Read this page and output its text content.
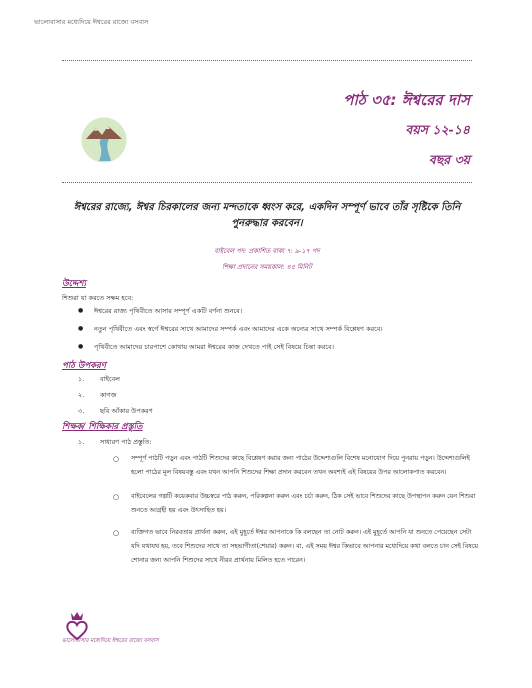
ভালোবাসার মধ্যেদিয়ে ঈশ্বরের রাজ্যে বসবাস
পাঠ ৩৫: ঈশ্বরের দাস
বয়স ১২-১৪
বছর ৩য়
ঈশ্বরের রাজ্যে, ঈশ্বর চিরকালের জন্য মন্দতাকে ধ্বংস করে, একদিন সম্পূর্ণ ভাবে তাঁর সৃষ্টিকে তিনি পুনরুদ্ধার করবেন।
বাইবেল পদ: প্রকাশিত বাক্য ৭: ৯-১৭ পদ
শিক্ষা প্রদানের সময়কাল: ৪৫ মিনিট
উদ্দেশ্য
শিশুরা যা করতে সক্ষম হবে:
● ঈশ্বরের রাজ্য পৃথিবীতে আসার সম্পূর্ণ একটি বর্ণনা শুনবে।
● নতুন পৃথিবীতে এবং স্বর্গে ঈশ্বরের সাথে আমাদের সম্পর্ক এবং আমাদের একে অন্যের সাথে সম্পর্ক বিশ্লেষণ করবে।
● পৃথিবীতে আমাদের চারপাশে কোথায় আমরা ঈশ্বরের কাজ দেখতে পাই সেই বিষয়ে চিন্তা করবে।
পাঠ উপকরণ
১. বাইবেল
২. কাগজ
৩. ছবি আঁকার উপকরণ
শিক্ষক/ শিক্ষিকার প্রস্তুতি
১. সাধারণ পাঠ প্রস্তুতি:
○ সম্পূর্ণ পাঠটি পড়ুন এবং পাঠটি শিশুদের কাছে বিশ্লেষণ করার জন্য পাঠের উদ্দেশ্যগুলি বিশেষ মনোযোগ দিয়ে পুনরায় পড়ুন। উদ্দেশ্যগুলিই হলো পাঠের মূল বিষয়বস্তু এবং যখন আপনি শিশুদের শিক্ষা প্রদান করবেন তখন অবশ্যই এই বিষয়ের উপর আলোকপাত করবেন।
○ বাইবেলের গল্পটি কয়েকবার উচ্চস্বরে পাঠ করুন, পরিকল্পনা করুন এবং চর্চা করুন, ঠিক সেই ভাবে শিশুদের কাছে উপস্থাপন করুন যেন শিশুরা শুনতে আগ্রহী হয় এবং উৎসাহিত হয়।
○ ব্যক্তিগত ভাবে নিরবতায় প্রার্থনা করুন, এই মুহূর্তে ঈশ্বর আপনাকে কি বলছেন তা নোট করুন। এই মুহূর্তে আপনি যা শুনতে পেয়েছেন সেটা যদি যথাযথ হয়, তবে শিশুদের সাথে তা সহভাগীতা(শেয়ার) করুন। বা, এই সময় ঈশ্বর কিভাবে আপনার মধ্যেদিয়ে কথা বলতে চান সেই বিষয়ে শোনার জন্য আপনি শিশুদের সাথে নীরব প্রার্থনায় মিলিত হতে পারেন।
ভালোবাসার মধ্যেদিয়ে ঈশ্বরের রাজ্যে বসবাস
